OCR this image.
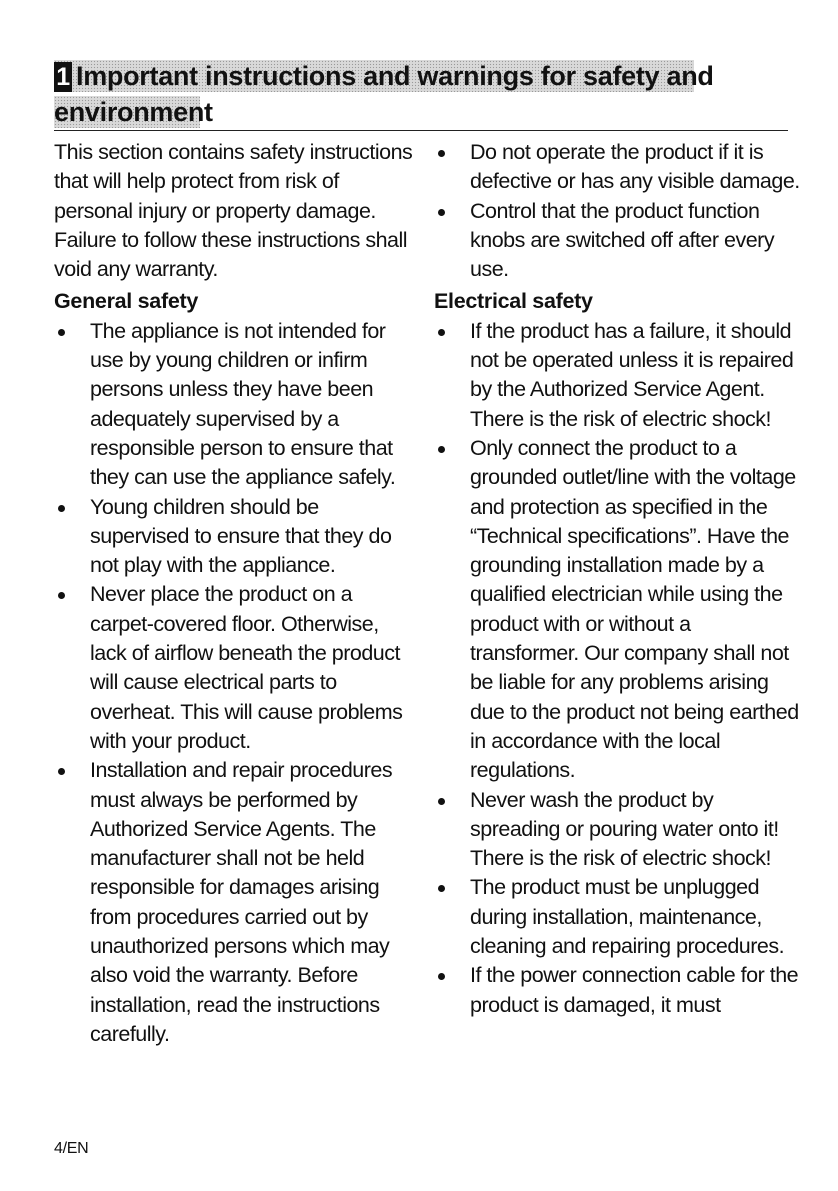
1 Important instructions and warnings for safety and
environment

This section contains safety instructions that will help protect from risk of personal injury or property damage. Failure to follow these instructions shall void any warranty.

General safety
The appliance is not intended for use by young children or infirm persons unless they have been adequately supervised by a responsible person to ensure that they can use the appliance safely.
Young children should be supervised to ensure that they do not play with the appliance.
Never place the product on a carpet-covered floor. Otherwise, lack of airflow beneath the product will cause electrical parts to overheat. This will cause problems with your product.
Installation and repair procedures must always be performed by Authorized Service Agents. The manufacturer shall not be held responsible for damages arising from procedures carried out by unauthorized persons which may also void the warranty. Before installation, read the instructions carefully.
Do not operate the product if it is defective or has any visible damage.
Control that the product function knobs are switched off after every use.
Electrical safety
If the product has a failure, it should not be operated unless it is repaired by the Authorized Service Agent. There is the risk of electric shock!
Only connect the product to a grounded outlet/line with the voltage and protection as specified in the “Technical specifications”. Have the grounding installation made by a qualified electrician while using the product with or without a transformer. Our company shall not be liable for any problems arising due to the product not being earthed in accordance with the local regulations.
Never wash the product by spreading or pouring water onto it! There is the risk of electric shock!
The product must be unplugged during installation, maintenance, cleaning and repairing procedures.
If the power connection cable for the product is damaged, it must
4/EN
